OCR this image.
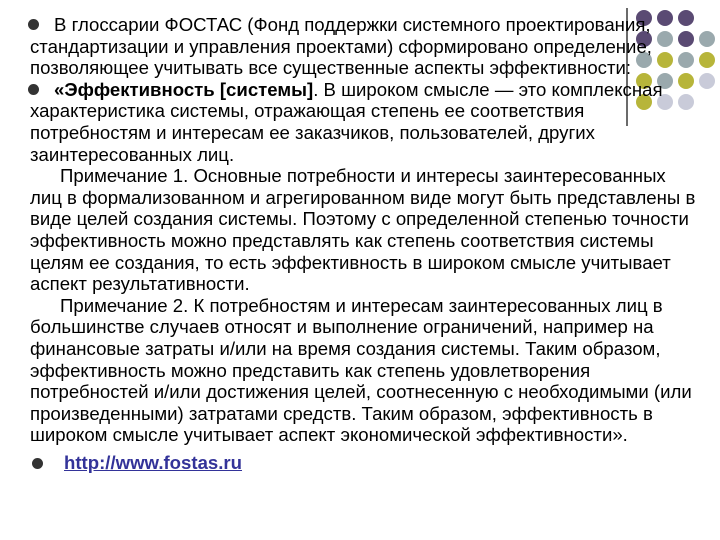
В глоссарии ФОСТАС (Фонд поддержки системного проектирования, стандартизации и управления проектами) сформировано определение, позволяющее учитывать все существенные аспекты эффективности:

«Эффективность [системы]. В широком смысле — это комплексная характеристика системы, отражающая степень ее соответствия потребностям и интересам ее заказчиков, пользователей, других заинтересованных лиц.

Примечание 1. Основные потребности и интересы заинтересованных лиц в формализованном и агрегированном виде могут быть представлены в виде целей создания системы. Поэтому с определенной степенью точности эффективность можно представлять как степень соответствия системы целям ее создания, то есть эффективность в широком смысле учитывает аспект результативности.

Примечание 2. К потребностям и интересам заинтересованных лиц в большинстве случаев относят и выполнение ограничений, например на финансовые затраты и/или на время создания системы. Таким образом, эффективность можно представить как степень удовлетворения потребностей и/или достижения целей, соотнесенную с необходимыми (или произведенными) затратами средств. Таким образом, эффективность в широком смысле учитывает аспект экономической эффективности».

http://www.fostas.ru
